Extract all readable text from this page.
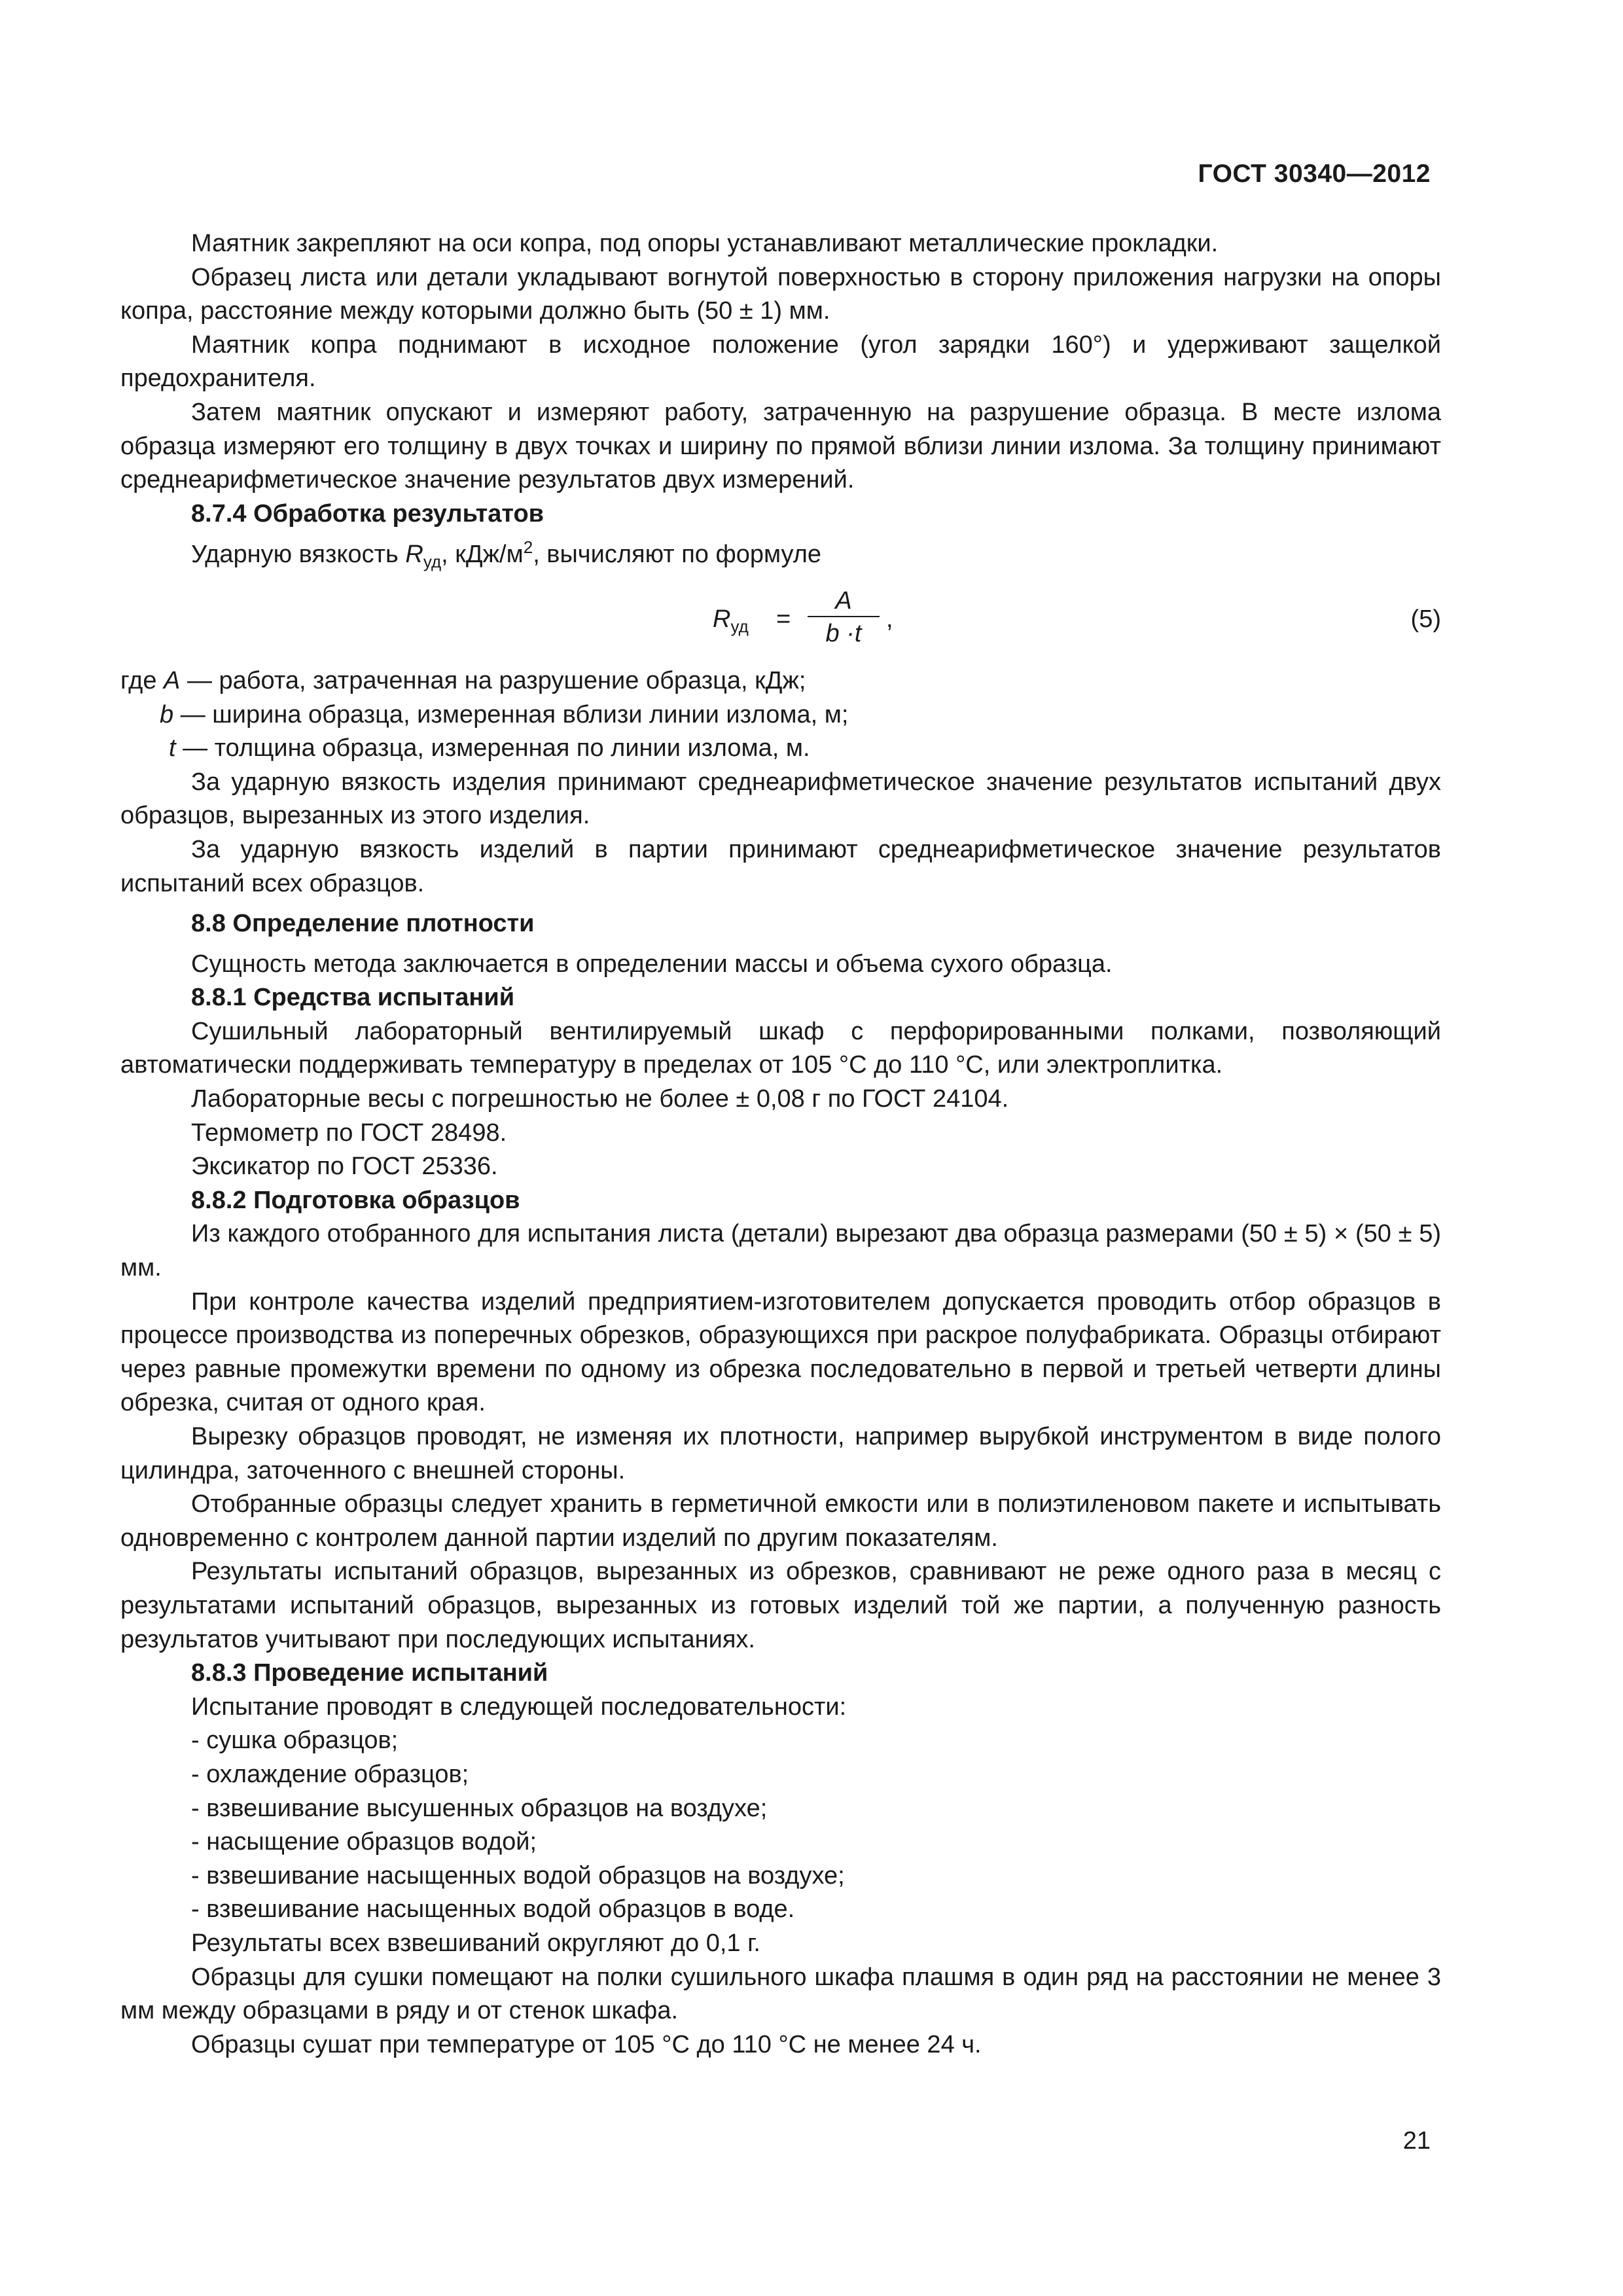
ГОСТ 30340—2012

Маятник закрепляют на оси копра, под опоры устанавливают металлические прокладки.

Образец листа или детали укладывают вогнутой поверхностью в сторону приложения нагрузки на опоры копра, расстояние между которыми должно быть (50 ± 1) мм.

Маятник копра поднимают в исходное положение (угол зарядки 160°) и удерживают защелкой предохранителя.

Затем маятник опускают и измеряют работу, затраченную на разрушение образца. В месте излома образца измеряют его толщину в двух точках и ширину по прямой вблизи линии излома. За толщину принимают среднеарифметическое значение результатов двух измерений.

8.7.4 Обработка результатов

Ударную вязкость $R_{уд}$, кДж/$м^2$, вычисляют по формуле

$R_{уд} = \frac{A}{b \cdot t}$ ,	(5)

где A — работа, затраченная на разрушение образца, кДж;

b — ширина образца, измеренная вблизи линии излома, м;

t — толщина образца, измеренная по линии излома, м.

За ударную вязкость изделия принимают среднеарифметическое значение результатов испытаний двух образцов, вырезанных из этого изделия.

За ударную вязкость изделий в партии принимают среднеарифметическое значение результатов испытаний всех образцов.

8.8 Определение плотности

Сущность метода заключается в определении массы и объема сухого образца.

8.8.1 Средства испытаний

Сушильный лабораторный вентилируемый шкаф с перфорированными полками, позволяющий автоматически поддерживать температуру в пределах от 105 °С до 110 °С, или электроплитка.

Лабораторные весы с погрешностью не более ± 0,08 г по ГОСТ 24104.

Термометр по ГОСТ 28498.

Эксикатор по ГОСТ 25336.

8.8.2 Подготовка образцов

Из каждого отобранного для испытания листа (детали) вырезают два образца размерами (50 ± 5) × (50 ± 5) мм.

При контроле качества изделий предприятием-изготовителем допускается проводить отбор образцов в процессе производства из поперечных обрезков, образующихся при раскрое полуфабриката. Образцы отбирают через равные промежутки времени по одному из обрезка последовательно в первой и третьей четверти длины обрезка, считая от одного края.

Вырезку образцов проводят, не изменяя их плотности, например вырубкой инструментом в виде полого цилиндра, заточенного с внешней стороны.

Отобранные образцы следует хранить в герметичной емкости или в полиэтиленовом пакете и испытывать одновременно с контролем данной партии изделий по другим показателям.

Результаты испытаний образцов, вырезанных из обрезков, сравнивают не реже одного раза в месяц с результатами испытаний образцов, вырезанных из готовых изделий той же партии, а полученную разность результатов учитывают при последующих испытаниях.

8.8.3 Проведение испытаний

Испытание проводят в следующей последовательности:

- сушка образцов;

- охлаждение образцов;

- взвешивание высушенных образцов на воздухе;

- насыщение образцов водой;

- взвешивание насыщенных водой образцов на воздухе;

- взвешивание насыщенных водой образцов в воде.

Результаты всех взвешиваний округляют до 0,1 г.

Образцы для сушки помещают на полки сушильного шкафа плашмя в один ряд на расстоянии не менее 3 мм между образцами в ряду и от стенок шкафа.

Образцы сушат при температуре от 105 °С до 110 °С не менее 24 ч.

21
